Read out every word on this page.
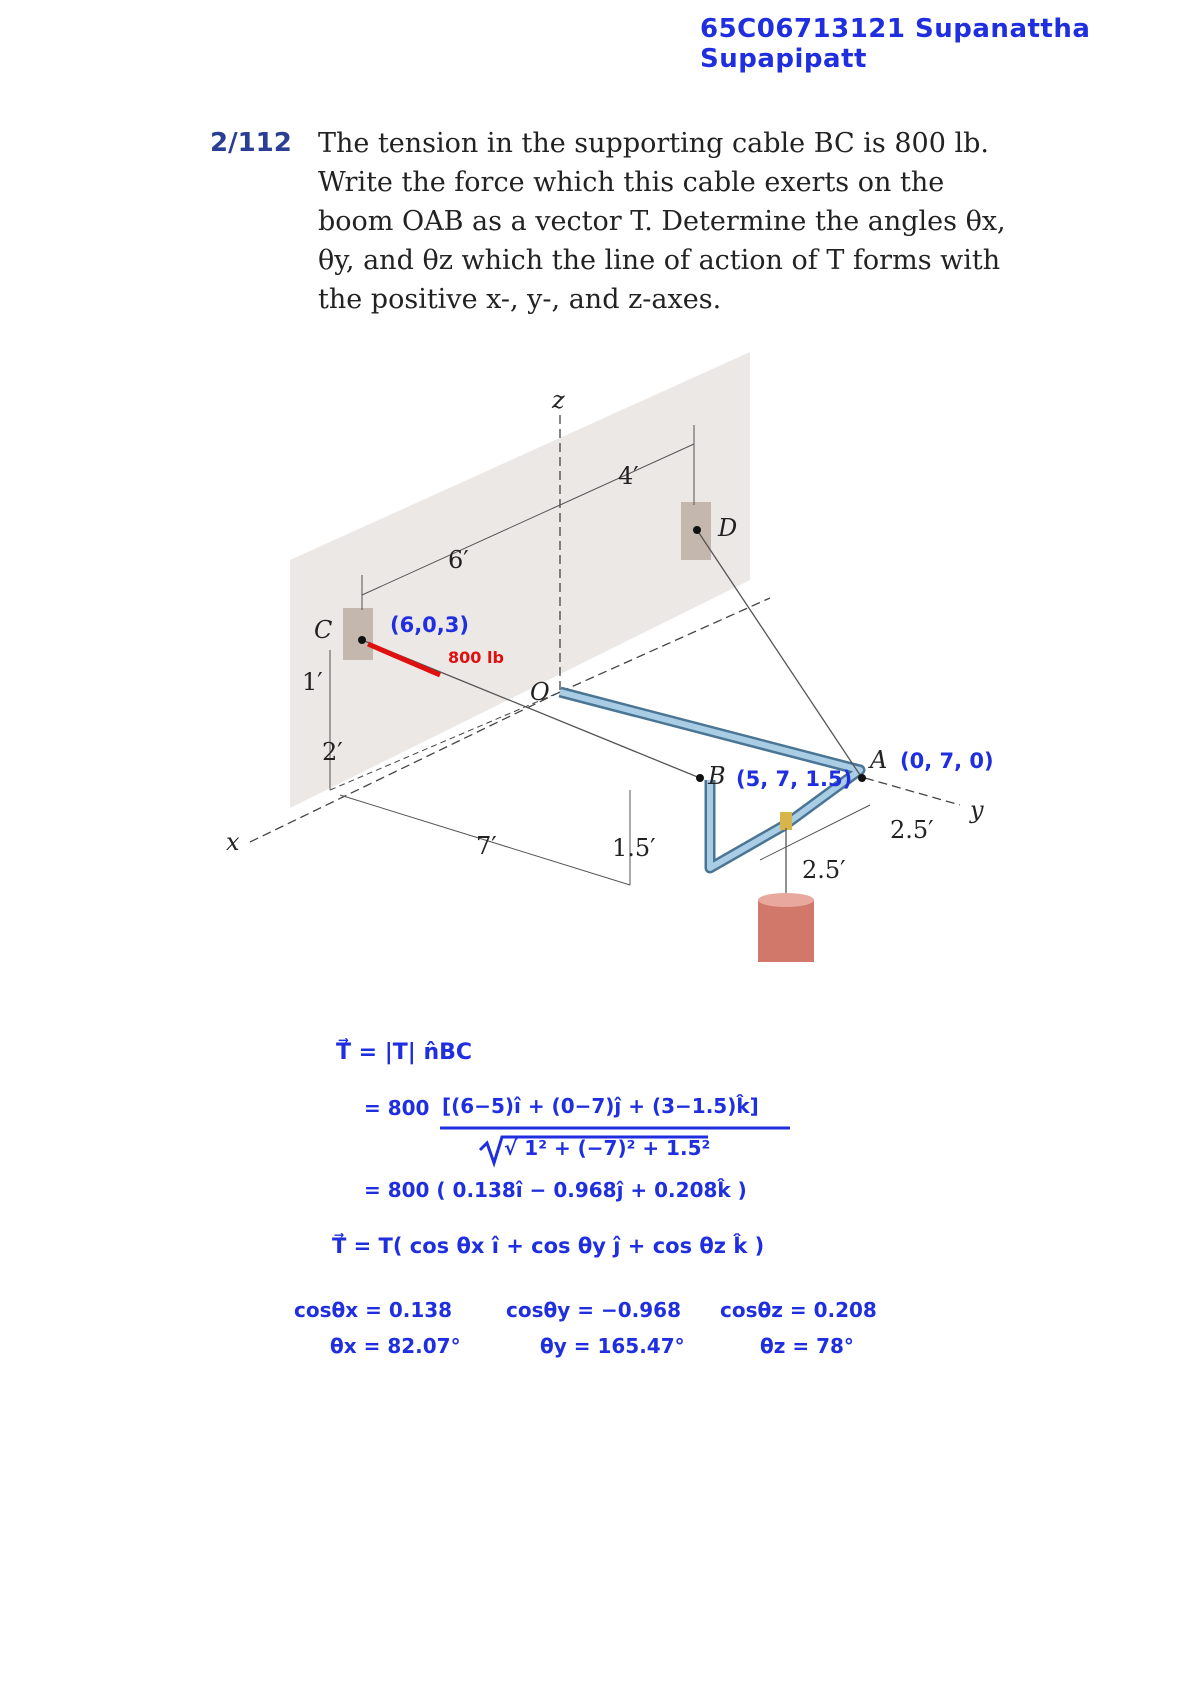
65C06713121 Supanattha Supapipatt
2/112 The tension in the supporting cable BC is 800 lb. Write the force which this cable exerts on the boom OAB as a vector T. Determine the angles θx, θy, and θz which the line of action of T forms with the positive x-, y-, and z-axes.
x
y
z
C
D
O
B
A
6′
4′
1′
2′
7′	1.5′
2.5′
2.5′
(6,0,3)
800 lb
(5, 7, 1.5)
(0, 7, 0)
T⃗ = |T| n̂BC
= 800 [(6−5)î + (0−7)ĵ + (3−1.5)k̂]
√ 1² + (−7)² + 1.5²
= 800 ( 0.138î − 0.968ĵ + 0.208k̂ )
T⃗ = T( cos θx î + cos θy ĵ + cos θz k̂ )
cosθx = 0.138
θx = 82.07°
cosθy = −0.968
θy = 165.47°
cosθz = 0.208
θz = 78°
